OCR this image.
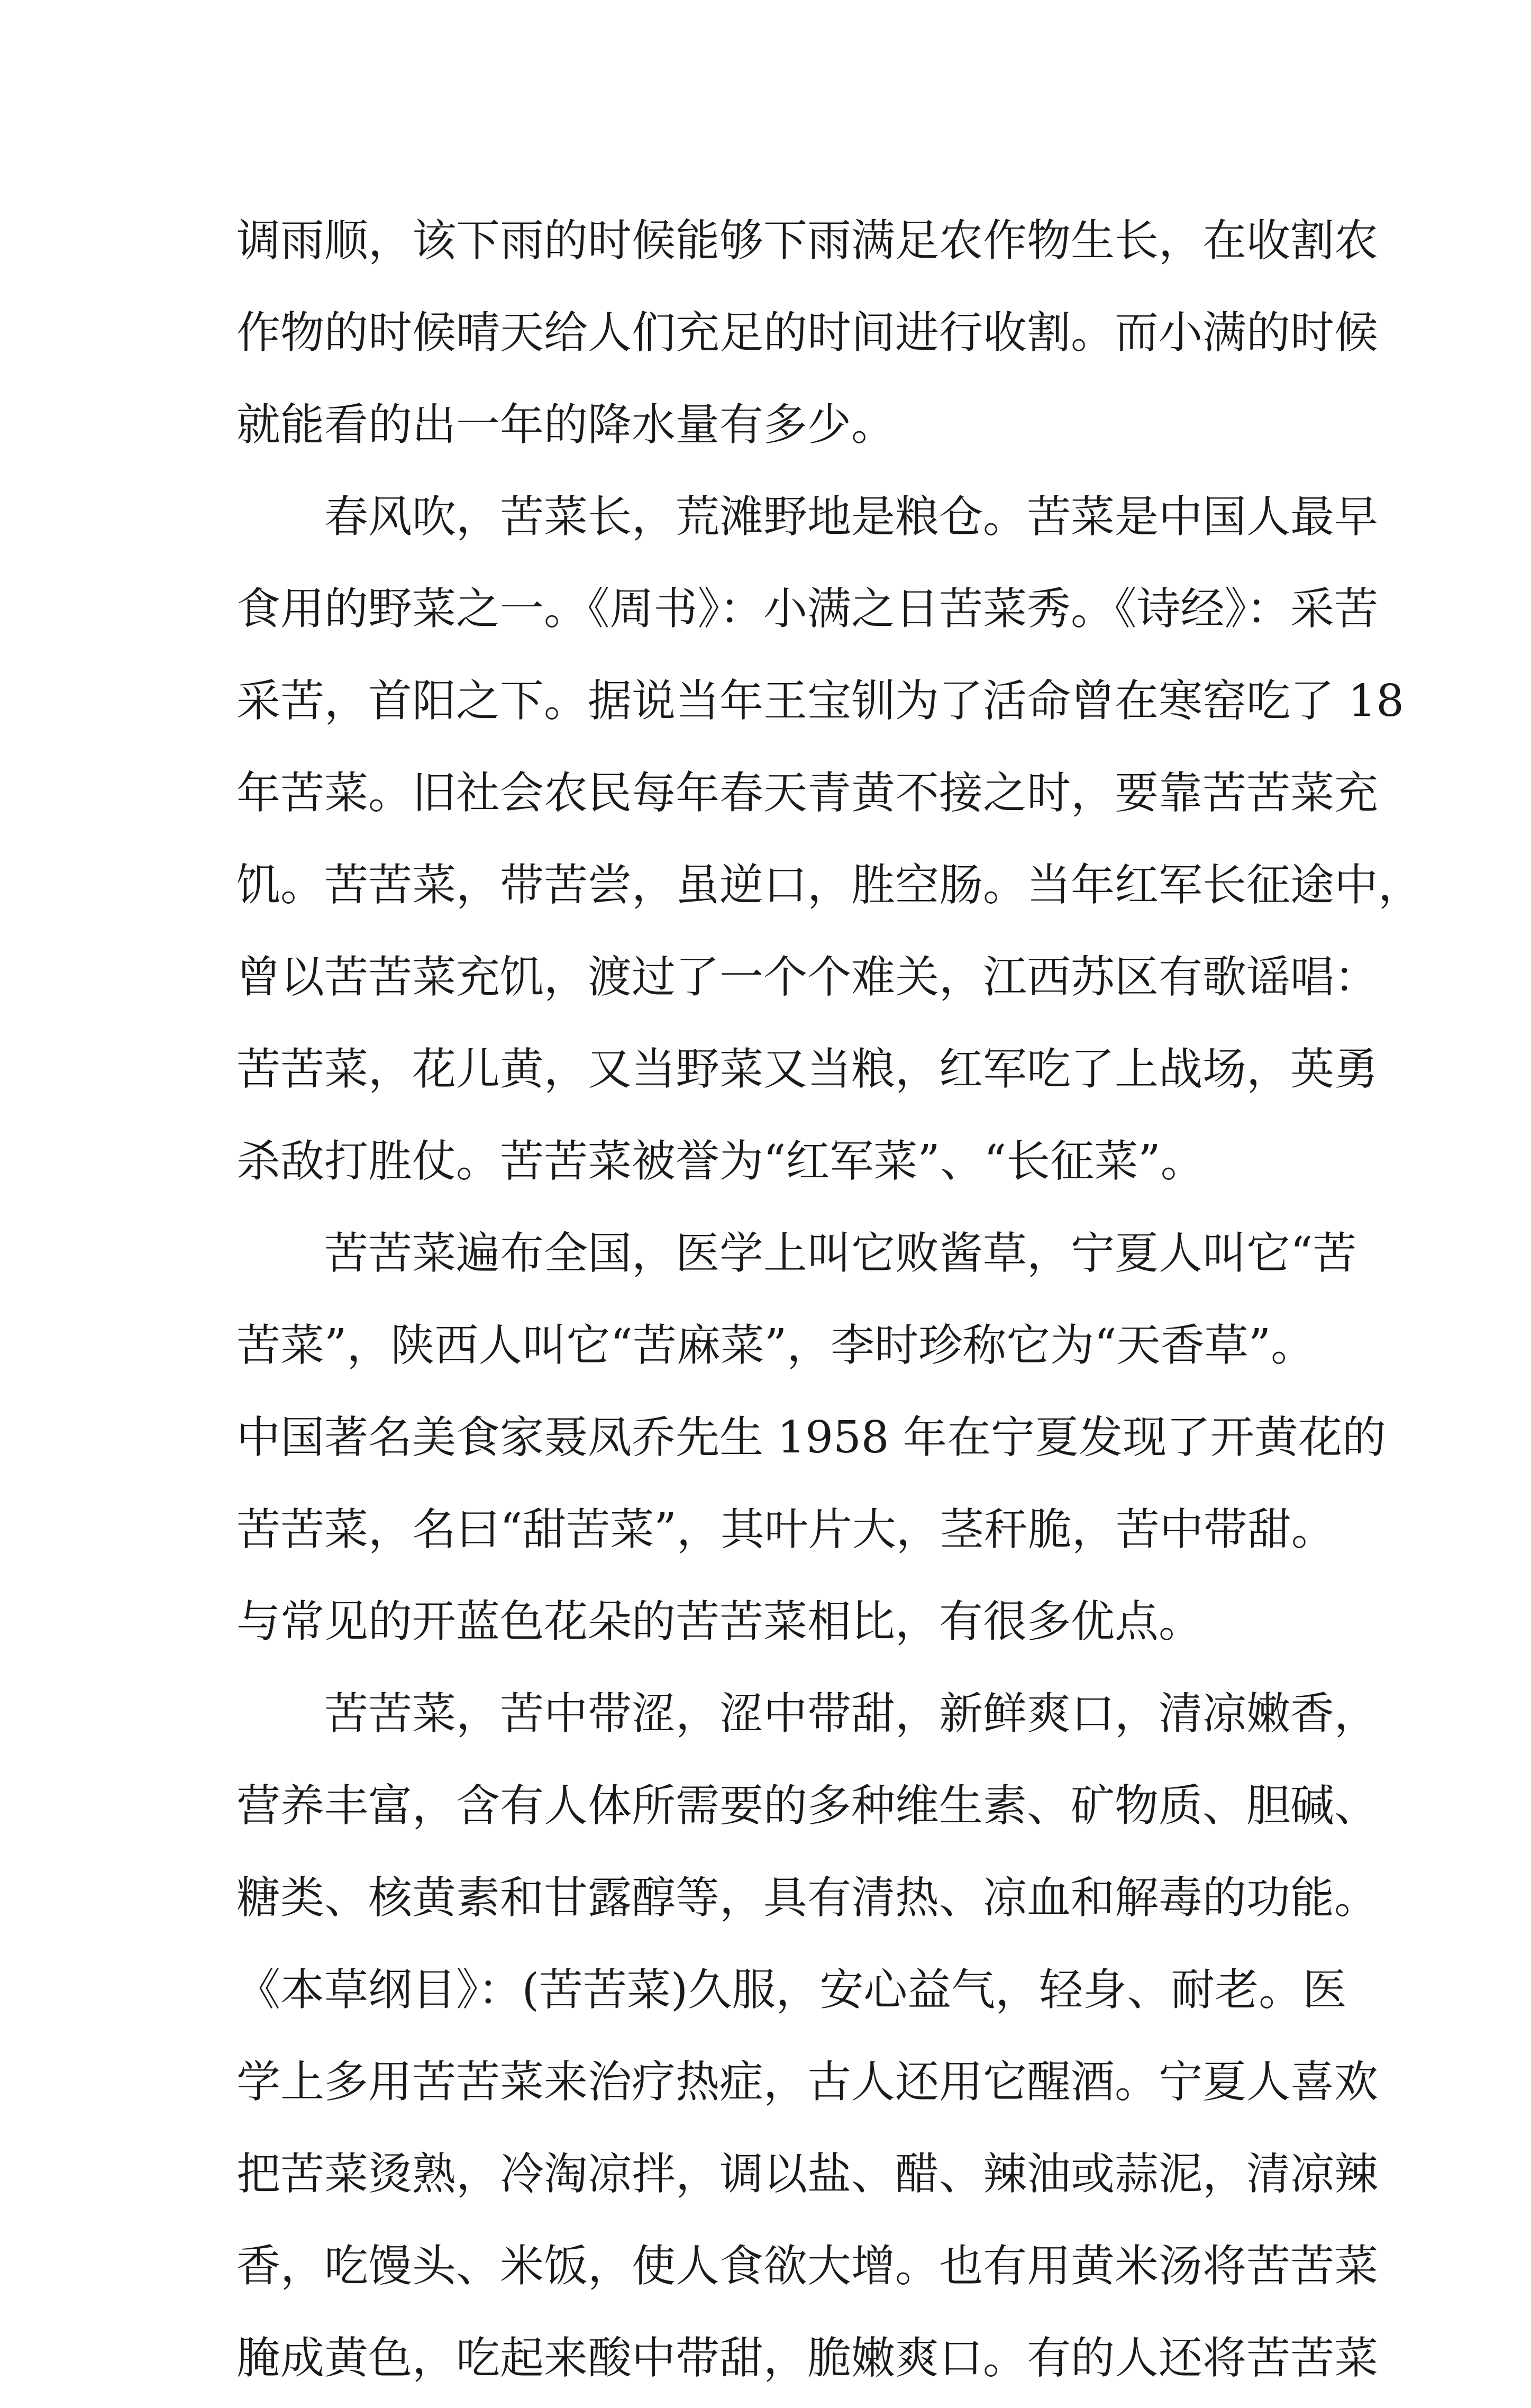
调雨顺，该下雨的时候能够下雨满足农作物生长，在收割农
作物的时候晴天给人们充足的时间进行收割。而小满的时候
就能看的出一年的降水量有多少。
春风吹，苦菜长，荒滩野地是粮仓。苦菜是中国人最早
食用的野菜之一。《周书》：小满之日苦菜秀。《诗经》：采苦
采苦，首阳之下。据说当年王宝钏为了活命曾在寒窑吃了 18
年苦菜。旧社会农民每年春天青黄不接之时，要靠苦苦菜充
饥。苦苦菜，带苦尝，虽逆口，胜空肠。当年红军长征途中，
曾以苦苦菜充饥，渡过了一个个难关，江西苏区有歌谣唱：
苦苦菜，花儿黄，又当野菜又当粮，红军吃了上战场，英勇
杀敌打胜仗。苦苦菜被誉为“红军菜”、“长征菜”。
苦苦菜遍布全国，医学上叫它败酱草，宁夏人叫它“苦
苦菜”，陕西人叫它“苦麻菜”，李时珍称它为“天香草”。
中国著名美食家聂凤乔先生 1958 年在宁夏发现了开黄花的
苦苦菜，名曰“甜苦菜”，其叶片大，茎秆脆，苦中带甜。
与常见的开蓝色花朵的苦苦菜相比，有很多优点。
苦苦菜，苦中带涩，涩中带甜，新鲜爽口，清凉嫩香，
营养丰富，含有人体所需要的多种维生素、矿物质、胆碱、
糖类、核黄素和甘露醇等，具有清热、凉血和解毒的功能。
《本草纲目》：(苦苦菜)久服，安心益气，轻身、耐老。医
学上多用苦苦菜来治疗热症，古人还用它醒酒。宁夏人喜欢
把苦菜烫熟，冷淘凉拌，调以盐、醋、辣油或蒜泥，清凉辣
香，吃馒头、米饭，使人食欲大增。也有用黄米汤将苦苦菜
腌成黄色，吃起来酸中带甜，脆嫩爽口。有的人还将苦苦菜
